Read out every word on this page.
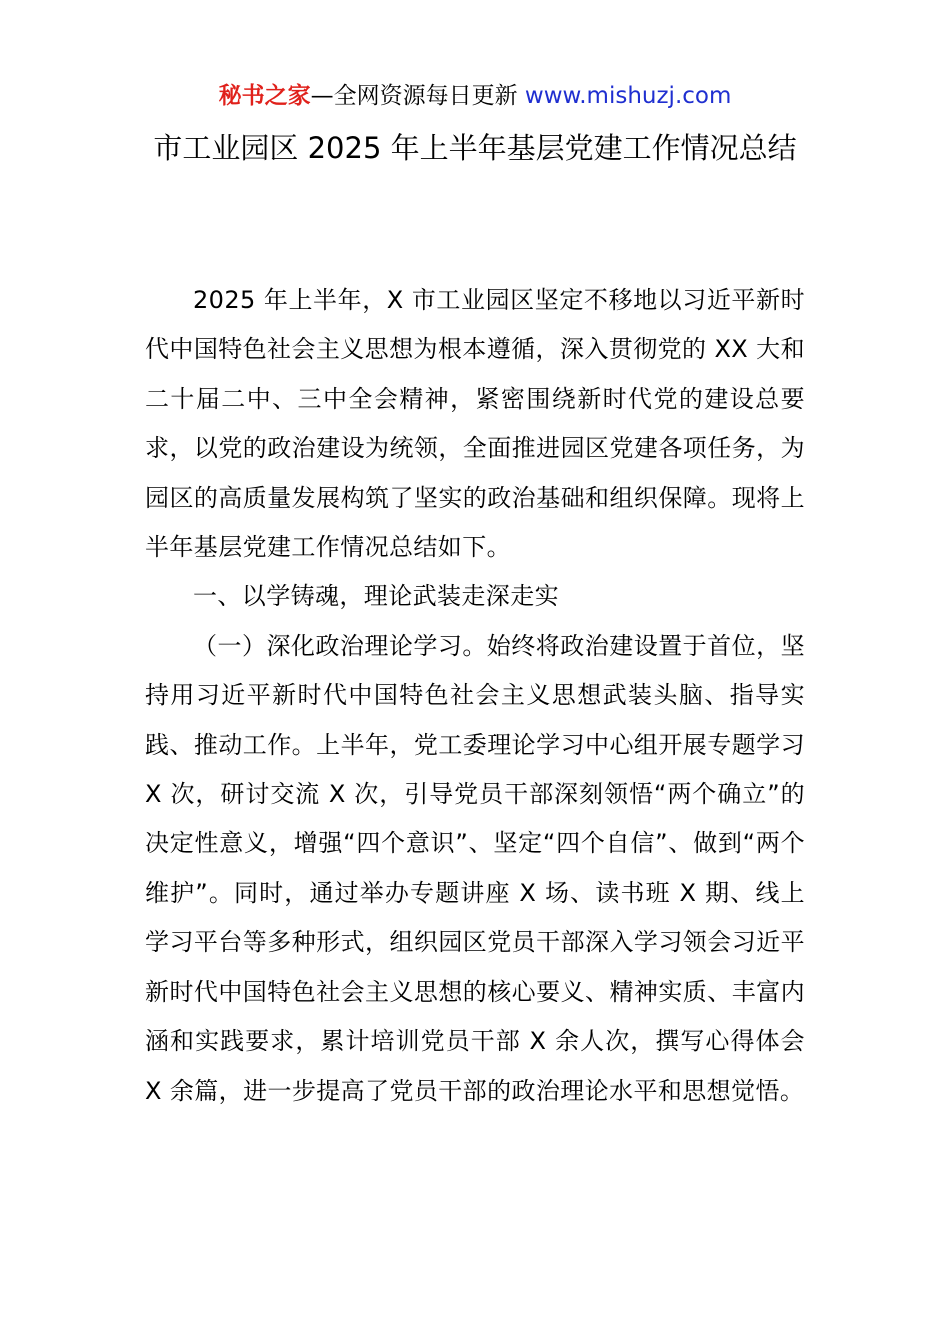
秘书之家—全网资源每日更新 www.mishuzj.com
市工业园区 2025 年上半年基层党建工作情况总结

2025 年上半年，X 市工业园区坚定不移地以习近平新时代中国特色社会主义思想为根本遵循，深入贯彻党的 XX 大和二十届二中、三中全会精神，紧密围绕新时代党的建设总要求，以党的政治建设为统领，全面推进园区党建各项任务，为园区的高质量发展构筑了坚实的政治基础和组织保障。现将上半年基层党建工作情况总结如下。

一、以学铸魂，理论武装走深走实

（一）深化政治理论学习。始终将政治建设置于首位，坚持用习近平新时代中国特色社会主义思想武装头脑、指导实践、推动工作。上半年，党工委理论学习中心组开展专题学习 X 次，研讨交流 X 次，引导党员干部深刻领悟“两个确立”的决定性意义，增强“四个意识”、坚定“四个自信”、做到“两个维护”。同时，通过举办专题讲座 X 场、读书班 X 期、线上学习平台等多种形式，组织园区党员干部深入学习领会习近平新时代中国特色社会主义思想的核心要义、精神实质、丰富内涵和实践要求，累计培训党员干部 X 余人次，撰写心得体会 X 余篇，进一步提高了党员干部的政治理论水平和思想觉悟。
